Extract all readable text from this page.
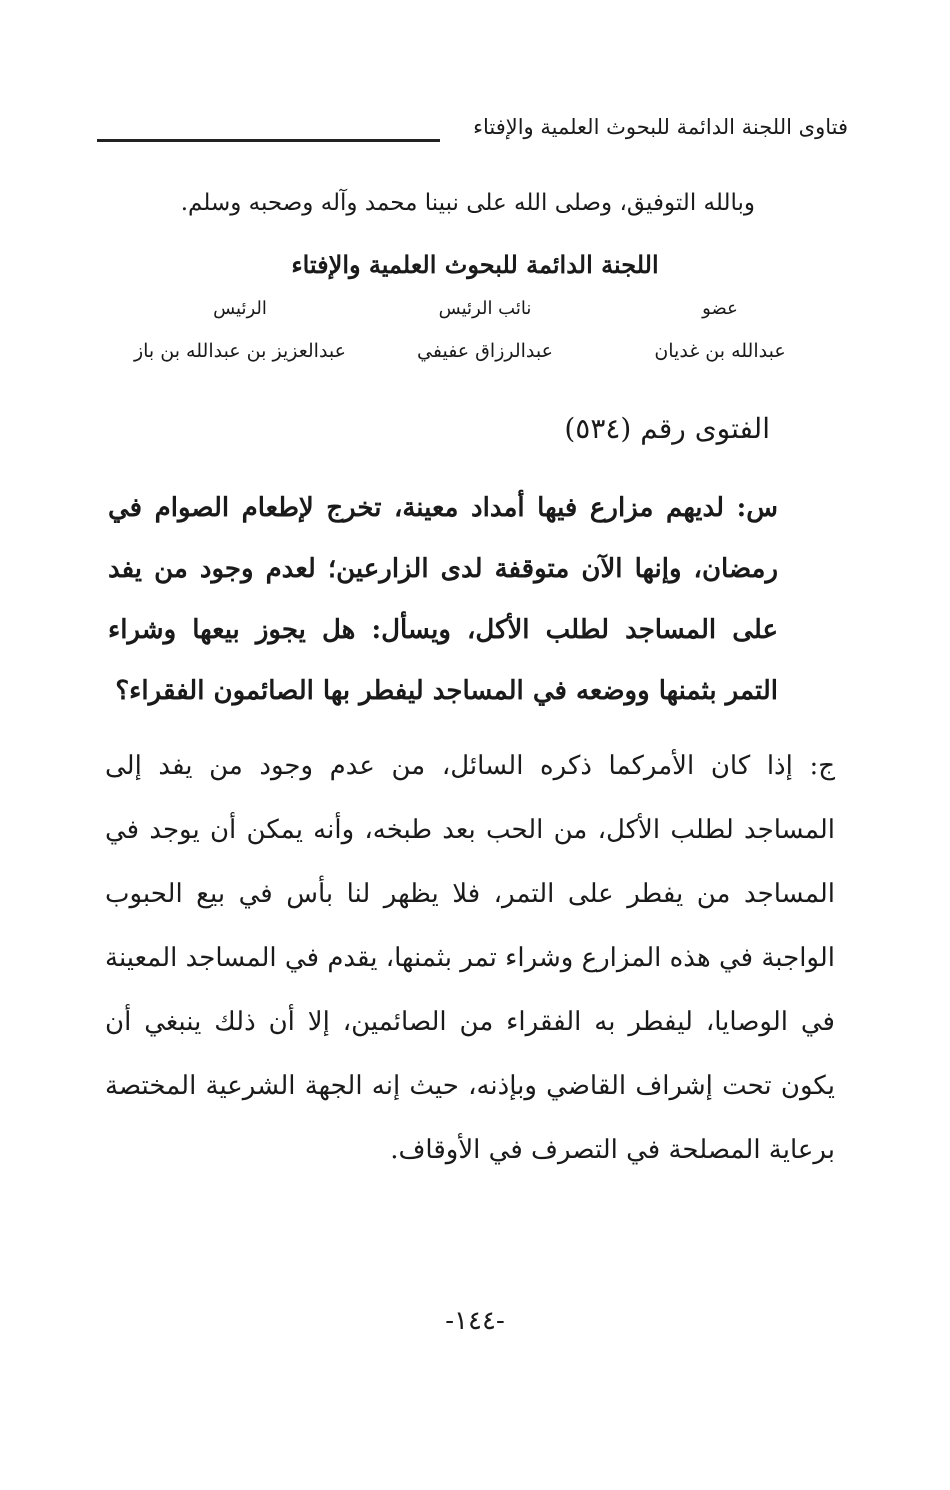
فتاوى اللجنة الدائمة للبحوث العلمية والإفتاء
وبالله التوفيق، وصلى الله على نبينا محمد وآله وصحبه وسلم.
اللجنة الدائمة للبحوث العلمية والإفتاء
عضو
عبدالله بن غديان
نائب الرئيس
عبدالرزاق عفيفي
الرئيس
عبدالعزيز بن عبدالله بن باز
الفتوى رقم (٥٣٤)
س: لديهم مزارع فيها أمداد معينة، تخرج لإطعام الصوام في رمضان، وإنها الآن متوقفة لدى الزارعين؛ لعدم وجود من يفد على المساجد لطلب الأكل، ويسأل: هل يجوز بيعها وشراء التمر بثمنها ووضعه في المساجد ليفطر بها الصائمون الفقراء؟
ج: إذا كان الأمركما ذكره السائل، من عدم وجود من يفد إلى المساجد لطلب الأكل، من الحب بعد طبخه، وأنه يمكن أن يوجد في المساجد من يفطر على التمر، فلا يظهر لنا بأس في بيع الحبوب الواجبة في هذه المزارع وشراء تمر بثمنها، يقدم في المساجد المعينة في الوصايا، ليفطر به الفقراء من الصائمين، إلا أن ذلك ينبغي أن يكون تحت إشراف القاضي وبإذنه، حيث إنه الجهة الشرعية المختصة برعاية المصلحة في التصرف في الأوقاف.
-١٤٤-
